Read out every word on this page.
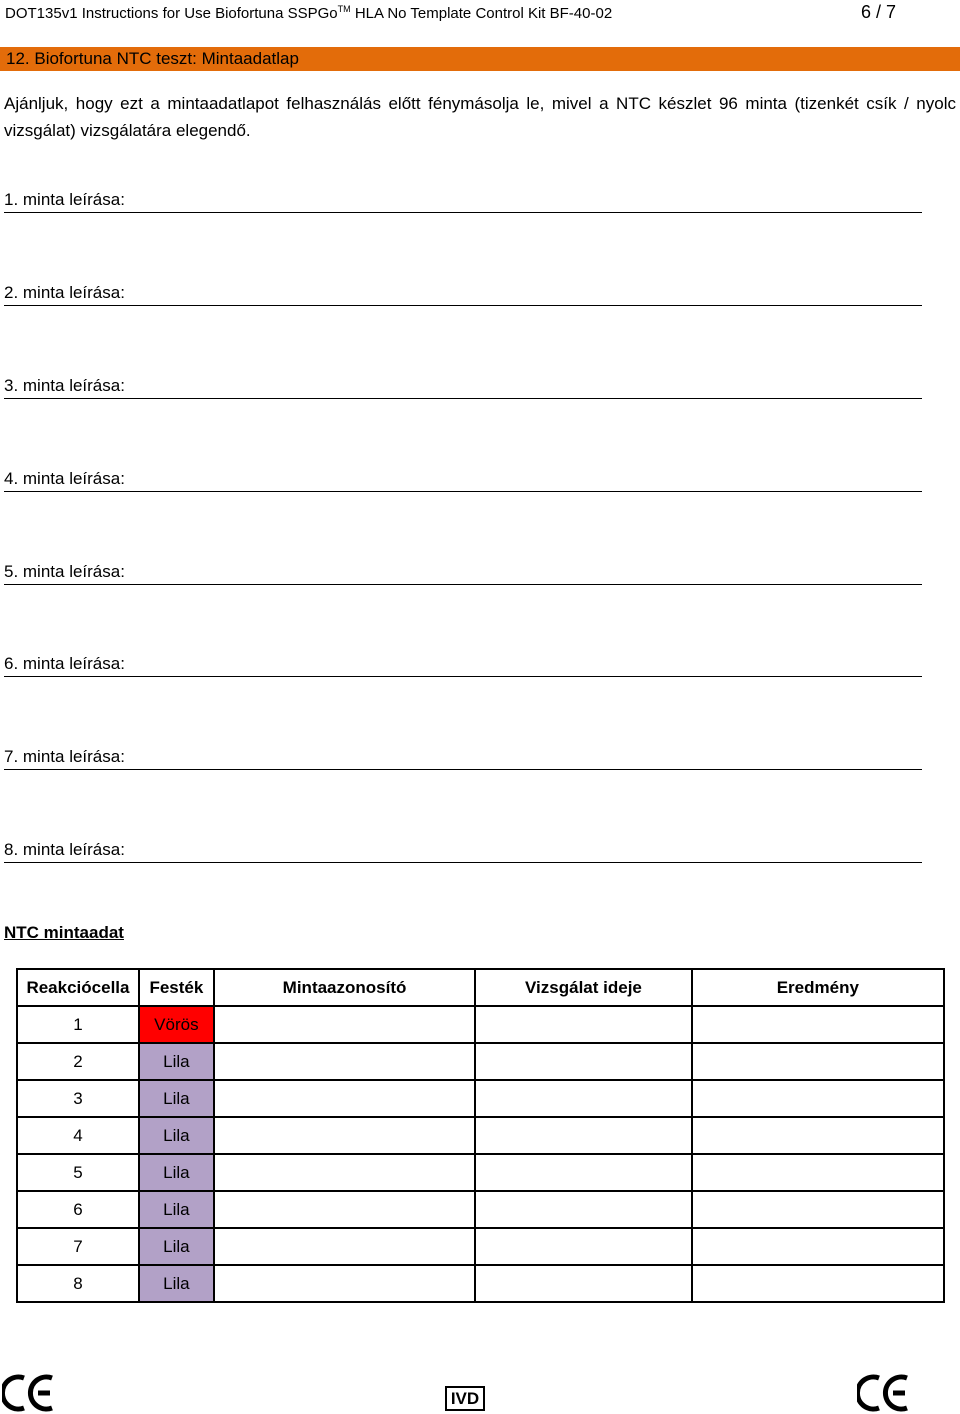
DOT135v1 Instructions for Use Biofortuna SSPGo™ HLA No Template Control Kit BF-40-02	6 / 7
12. Biofortuna NTC teszt: Mintaadatlap
Ajánljuk, hogy ezt a mintaadatlapot felhasználás előtt fénymásolja le, mivel a NTC készlet 96 minta (tizenkét csík / nyolc vizsgálat) vizsgálatára elegendő.
1. minta leírása:
2. minta leírása:
3. minta leírása:
4. minta leírása:
5. minta leírása:
6. minta leírása:
7. minta leírása:
8. minta leírása:
NTC mintaadat
Reakciócella	Festék	Mintaazonosító	Vizsgálat ideje	Eredmény
1	Vörös			
2	Lila			
3	Lila			
4	Lila			
5	Lila			
6	Lila			
7	Lila			
8	Lila			
IVD
